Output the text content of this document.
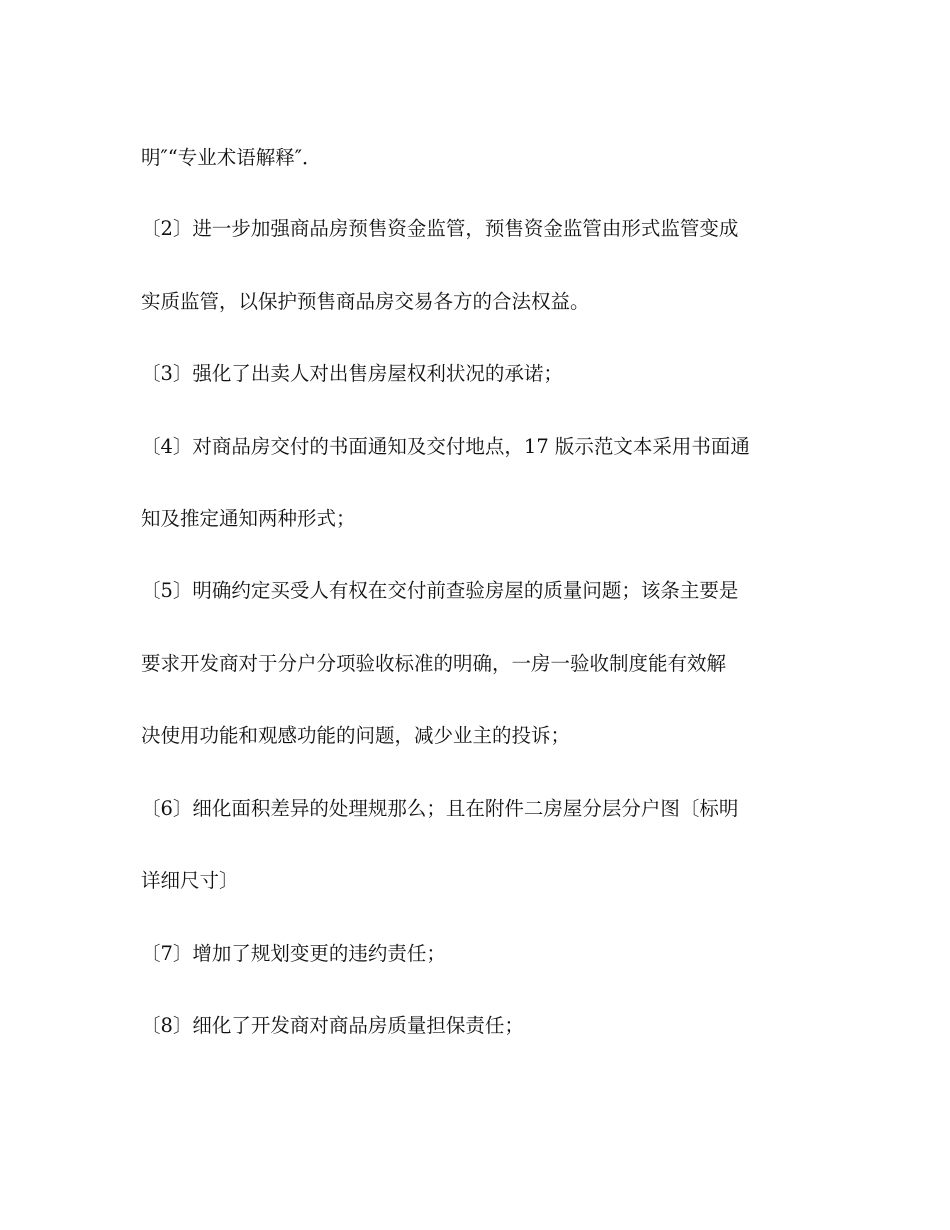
明″“专业术语解释″．

〔2〕进一步加强商品房预售资金监管，预售资金监管由形式监管变成

实质监管，以保护预售商品房交易各方的合法权益。

〔3〕强化了出卖人对出售房屋权利状况的承诺；

〔4〕对商品房交付的书面通知及交付地点，17 版示范文本采用书面通

知及推定通知两种形式；

〔5〕明确约定买受人有权在交付前查验房屋的质量问题；该条主要是

要求开发商对于分户分项验收标准的明确，一房一验收制度能有效解

决使用功能和观感功能的问题，减少业主的投诉；

〔6〕细化面积差异的处理规那么；且在附件二房屋分层分户图〔标明

详细尺寸〕

〔7〕增加了规划变更的违约责任；

〔8〕细化了开发商对商品房质量担保责任；
